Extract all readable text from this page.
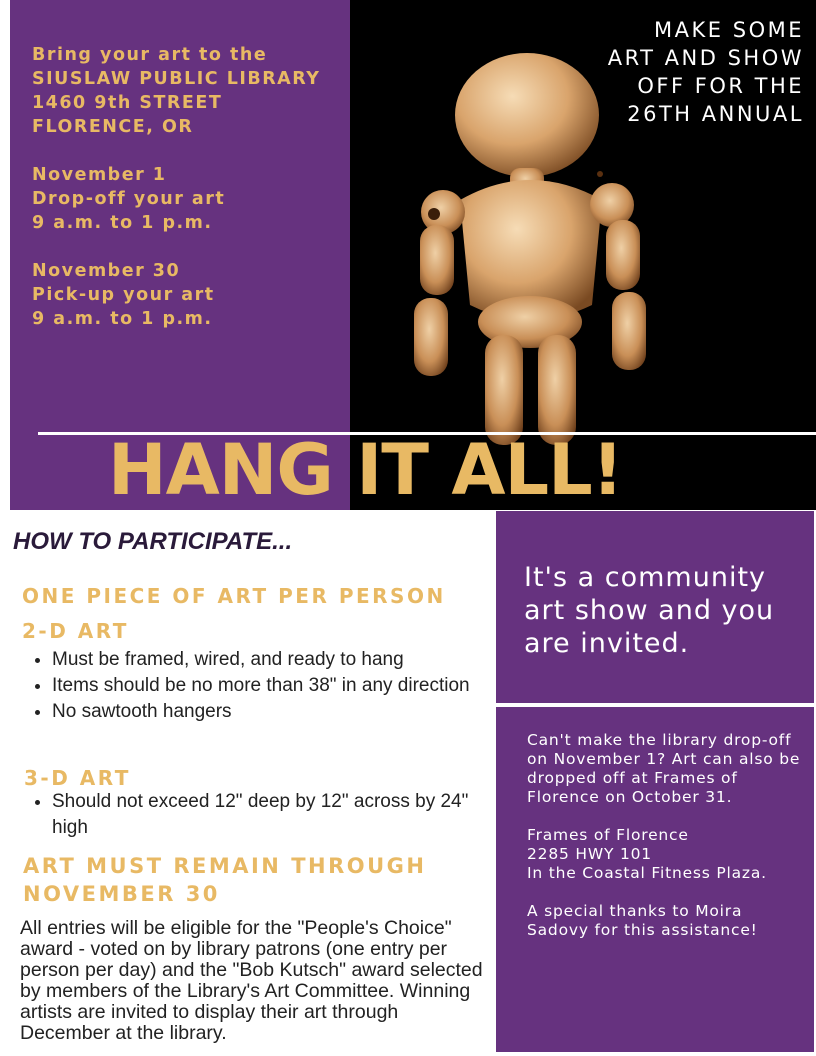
Bring your art to the
SIUSLAW PUBLIC LIBRARY
1460 9th STREET
FLORENCE, OR
November 1
Drop-off your art
9 a.m. to 1 p.m.
November 30
Pick-up your art
9 a.m. to 1 p.m.
MAKE SOME
ART AND SHOW
OFF FOR THE
26TH ANNUAL
HANG IT ALL!
HOW TO PARTICIPATE...
ONE PIECE OF ART PER PERSON
2-D ART
• Must be framed, wired, and ready to hang
• Items should be no more than 38" in any direction
• No sawtooth hangers
3-D ART
• Should not exceed 12" deep by 12" across by 24" high
ART MUST REMAIN THROUGH
NOVEMBER 30
All entries will be eligible for the "People's Choice" award - voted on by library patrons (one entry per person per day) and the "Bob Kutsch" award selected by members of the Library's Art Committee. Winning artists are invited to display their art through December at the library.
It's a community art show and you are invited.

Can't make the library drop-off on November 1? Art can also be dropped off at Frames of Florence on October 31.

Frames of Florence
2285 HWY 101
In the Coastal Fitness Plaza.

A special thanks to Moira Sadovy for this assistance!
